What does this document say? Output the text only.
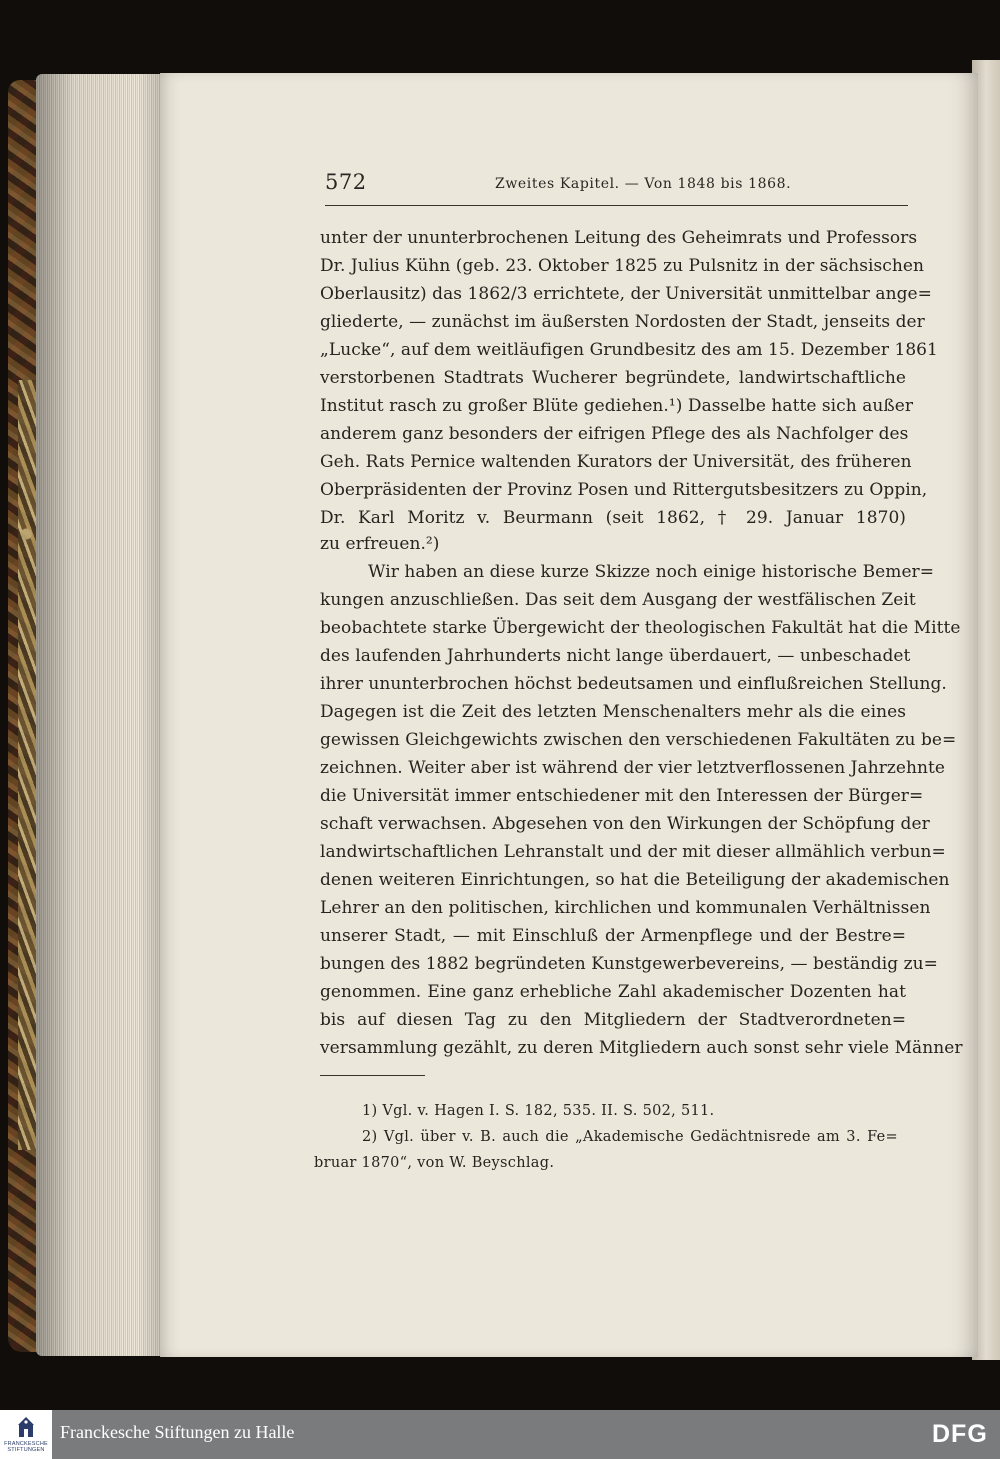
572	Zweites Kapitel. — Von 1848 bis 1868.
unter der ununterbrochenen Leitung des Geheimrats und Professors
Dr. Julius Kühn (geb. 23. Oktober 1825 zu Pulsnitz in der sächsischen
Oberlausitz) das 1862/3 errichtete, der Universität unmittelbar ange=
gliederte, — zunächst im äußersten Nordosten der Stadt, jenseits der
„Lucke“, auf dem weitläufigen Grundbesitz des am 15. Dezember 1861
verstorbenen Stadtrats Wucherer begründete, landwirtschaftliche
Institut rasch zu großer Blüte gediehen.¹) Dasselbe hatte sich außer
anderem ganz besonders der eifrigen Pflege des als Nachfolger des
Geh. Rats Pernice waltenden Kurators der Universität, des früheren
Oberpräsidenten der Provinz Posen und Rittergutsbesitzers zu Oppin,
Dr. Karl Moritz v. Beurmann (seit 1862, † 29. Januar 1870)
zu erfreuen.²)
Wir haben an diese kurze Skizze noch einige historische Bemer=
kungen anzuschließen. Das seit dem Ausgang der westfälischen Zeit
beobachtete starke Übergewicht der theologischen Fakultät hat die Mitte
des laufenden Jahrhunderts nicht lange überdauert, — unbeschadet
ihrer ununterbrochen höchst bedeutsamen und einflußreichen Stellung.
Dagegen ist die Zeit des letzten Menschenalters mehr als die eines
gewissen Gleichgewichts zwischen den verschiedenen Fakultäten zu be=
zeichnen. Weiter aber ist während der vier letztverflossenen Jahrzehnte
die Universität immer entschiedener mit den Interessen der Bürger=
schaft verwachsen. Abgesehen von den Wirkungen der Schöpfung der
landwirtschaftlichen Lehranstalt und der mit dieser allmählich verbun=
denen weiteren Einrichtungen, so hat die Beteiligung der akademischen
Lehrer an den politischen, kirchlichen und kommunalen Verhältnissen
unserer Stadt, — mit Einschluß der Armenpflege und der Bestre=
bungen des 1882 begründeten Kunstgewerbevereins, — beständig zu=
genommen. Eine ganz erhebliche Zahl akademischer Dozenten hat
bis auf diesen Tag zu den Mitgliedern der Stadtverordneten=
versammlung gezählt, zu deren Mitgliedern auch sonst sehr viele Männer
1) Vgl. v. Hagen I. S. 182, 535. II. S. 502, 511.
2) Vgl. über v. B. auch die „Akademische Gedächtnisrede am 3. Fe=
bruar 1870“, von W. Beyschlag.
FRANCKESCHE
STIFTUNGEN
Franckesche Stiftungen zu Halle	DFG
